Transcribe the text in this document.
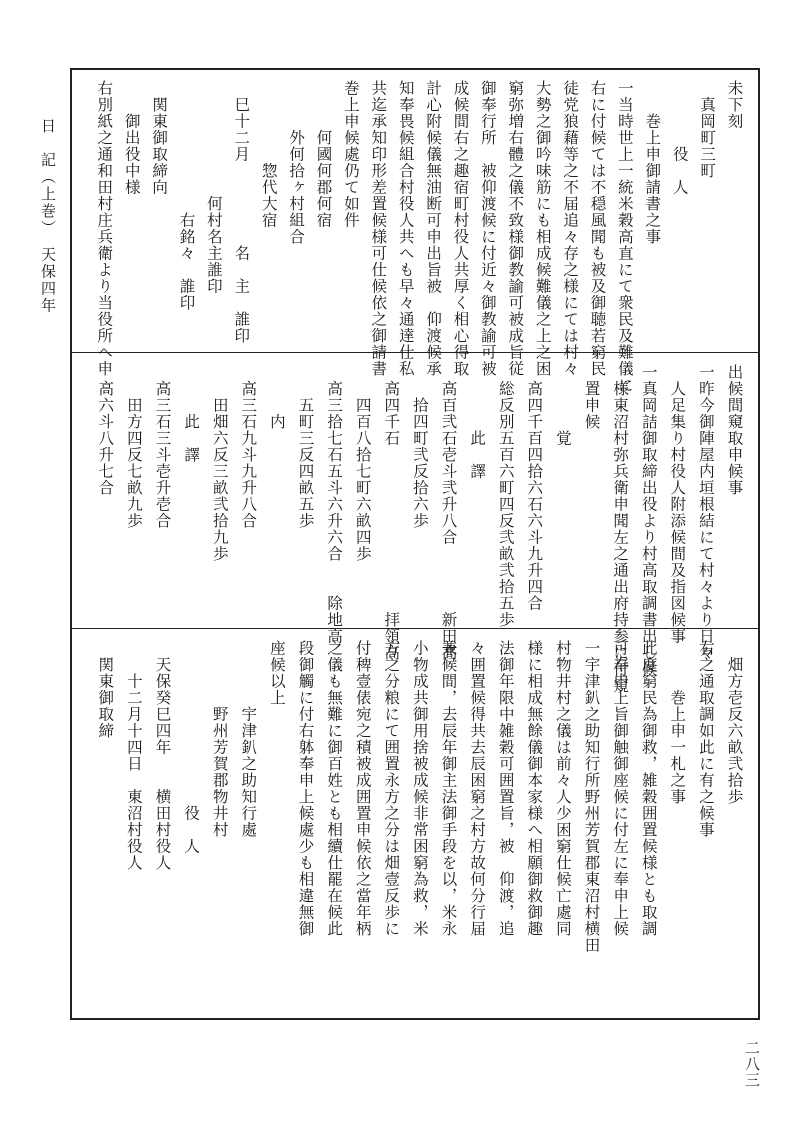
日　記（上巻）　天保四年
二八三
未下刻
　真岡町三町
　　　　役　人
　　巻上申御請書之事
一当時世上一統米穀高直にて衆民及難儀に
右に付候ては不穏風聞も被及御聴若窮民
徒党狼藉等之不届追々存之様にては村々
大勢之御吟味筋にも相成候難儀之上之困
窮弥増右體之儀不致様御教諭可被成旨従
御奉行所　被仰渡候に付近々御教諭可被
成候間右之趣宿町村役人共厚く相心得取
計心附候儀無油断可申出旨被　仰渡候承
知奉畏候組合村役人共へも早々通達仕私
共迄承知印形差置候様可仕候依之御請書
巻上申候處仍て如件
　　　何國何郡何宿
　　　外何拾ヶ村組合
　　　　　惣代大宿
　巳十二月　　　　　名　主　誰印
　　　　　　　何村名主誰印
　　　　　　　　右銘々　誰印
　関東御取締向
　　御出役中様
右別紙之通和田村庄兵衛より当役所へ申
出候間窺取申候事
一昨今御陣屋内垣根結にて村々より日々
　人足集り村役人附添候間及指図候事
一真岡詰御取締出役より村高取調書出し候
　様東沼村弥兵衛申聞左之通出府持参に付窺
　置申候
　　　　覚
　高四千百四拾六石六斗九升四合
　総反別五百六町四反弐畝弐拾五歩
　　　　此　譯
　高百弐石壱斗弐升八合　　　　新田高
　　拾四町弐反拾六歩
　高四千石　　　　　　　　　　拝領高
　　四百八拾七町六畝四歩
　高三拾七石五斗六升六合　　除地高
　　五町三反四畝五歩
　　　内
　高三石九斗九升八合
　　田畑六反三畝弐拾九歩
　　　此　譯
　高三石三斗壱升壱合
　　田方四反七畝九歩
　高六斗八升七合
　畑方壱反六畝弐拾歩
右之通取調如此に有之候事
　　　巻上申一札之事
此度窮民為御救，雑穀囲置候様とも取調
可奉申上旨御触御座候に付左に奉申上候
一宇津釟之助知行所野州芳賀郡東沼村横田
村物井村之儀は前々人少困窮仕候亡處同
様に相成無餘儀御本家様へ相願御救御趣
法御年限中雑穀可囲置旨，被　仰渡，追
々囲置候得共去辰困窮之村方故何分行届
兼候間，去辰年御主法御手段を以，米永
小物成共御用捨被成候非常困窮為救，米
方之分粮にて囲置永方之分は畑壹反歩に
付稗壹俵宛之積被成囲置申候依之當年柄
之儀も無難に御百姓とも相續仕罷在候此
段御觸に付右躰奉申上候處少も相違無御
座候以上
　　　　宇津釟之助知行處
　　　　野州芳賀郡物井村
　　　　　　　　　　役　人
　天保癸巳四年　　横田村役人
　　十二月十四日　東沼村役人
　関東御取締
